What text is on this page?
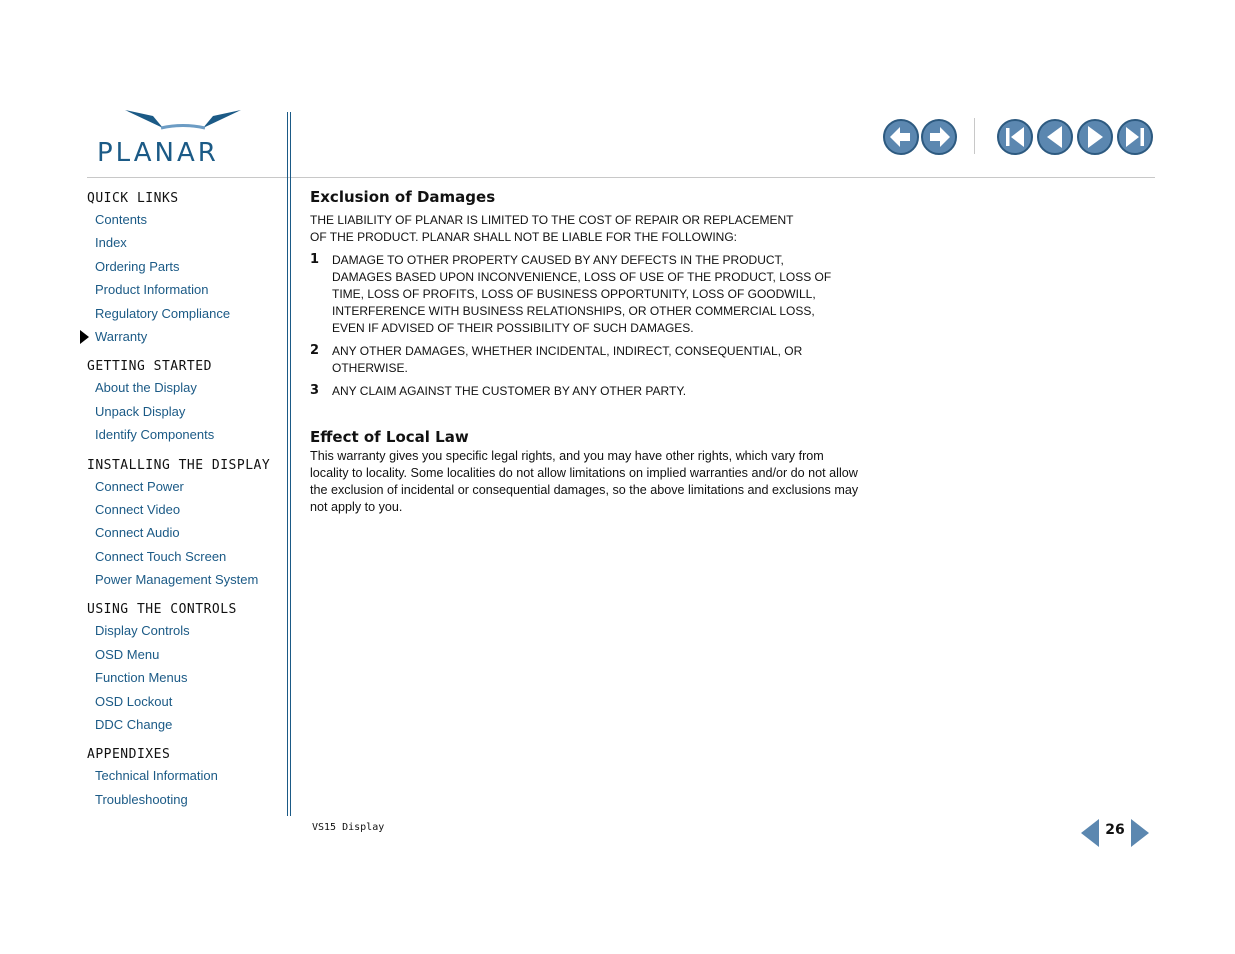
PLANAR
QUICK LINKS
Contents
Index
Ordering Parts
Product Information
Regulatory Compliance
Warranty
GETTING STARTED
About the Display
Unpack Display
Identify Components
INSTALLING THE DISPLAY
Connect Power
Connect Video
Connect Audio
Connect Touch Screen
Power Management System
USING THE CONTROLS
Display Controls
OSD Menu
Function Menus
OSD Lockout
DDC Change
APPENDIXES
Technical Information
Troubleshooting
Exclusion of Damages

THE LIABILITY OF PLANAR IS LIMITED TO THE COST OF REPAIR OR REPLACEMENT OF THE PRODUCT. PLANAR SHALL NOT BE LIABLE FOR THE FOLLOWING:

1 DAMAGE TO OTHER PROPERTY CAUSED BY ANY DEFECTS IN THE PRODUCT, DAMAGES BASED UPON INCONVENIENCE, LOSS OF USE OF THE PRODUCT, LOSS OF TIME, LOSS OF PROFITS, LOSS OF BUSINESS OPPORTUNITY, LOSS OF GOODWILL, INTERFERENCE WITH BUSINESS RELATIONSHIPS, OR OTHER COMMERCIAL LOSS, EVEN IF ADVISED OF THEIR POSSIBILITY OF SUCH DAMAGES.
2 ANY OTHER DAMAGES, WHETHER INCIDENTAL, INDIRECT, CONSEQUENTIAL, OR OTHERWISE.
3 ANY CLAIM AGAINST THE CUSTOMER BY ANY OTHER PARTY.
Effect of Local Law

This warranty gives you specific legal rights, and you may have other rights, which vary from locality to locality. Some localities do not allow limitations on implied warranties and/or do not allow the exclusion of incidental or consequential damages, so the above limitations and exclusions may not apply to you.

VS15 Display	26
